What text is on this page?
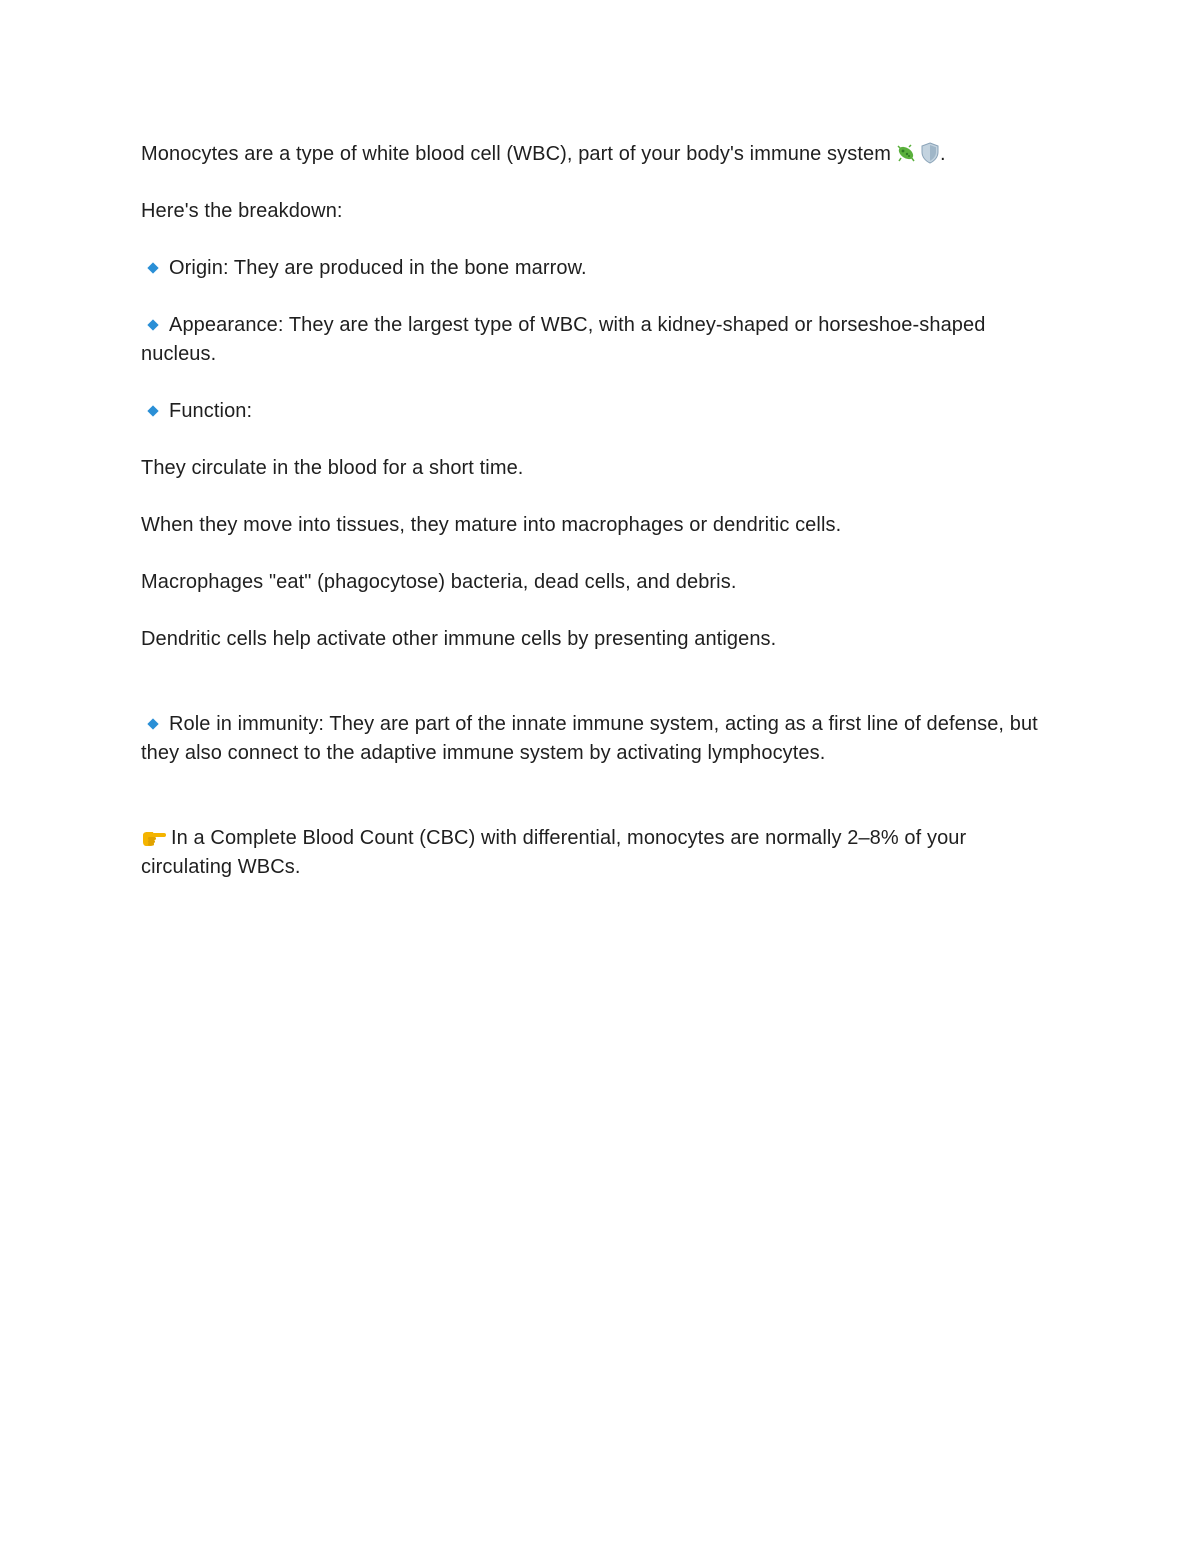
Monocytes are a type of white blood cell (WBC), part of your body's immune system .

Here's the breakdown:

Origin: They are produced in the bone marrow.

Appearance: They are the largest type of WBC, with a kidney-shaped or horseshoe-shaped nucleus.

Function:

They circulate in the blood for a short time.

When they move into tissues, they mature into macrophages or dendritic cells.

Macrophages "eat" (phagocytose) bacteria, dead cells, and debris.

Dendritic cells help activate other immune cells by presenting antigens.

Role in immunity: They are part of the innate immune system, acting as a first line of defense, but they also connect to the adaptive immune system by activating lymphocytes.

In a Complete Blood Count (CBC) with differential, monocytes are normally 2–8% of your circulating WBCs.
